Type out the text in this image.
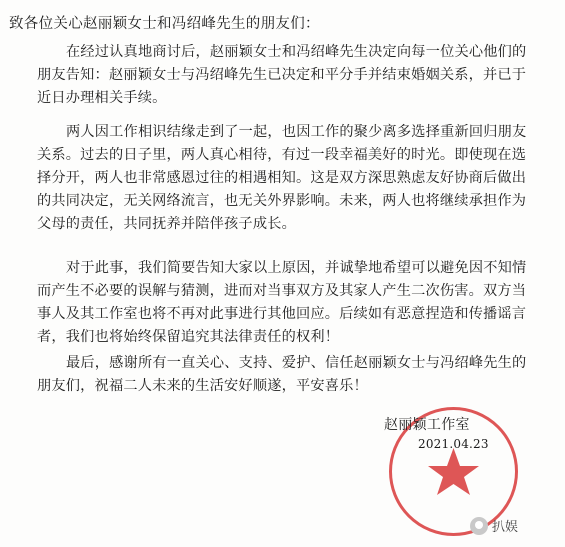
致各位关心赵丽颖女士和冯绍峰先生的朋友们：

在经过认真地商讨后，赵丽颖女士和冯绍峰先生决定向每一位关心他们的朋友告知：赵丽颖女士与冯绍峰先生已决定和平分手并结束婚姻关系，并已于近日办理相关手续。

两人因工作相识结缘走到了一起，也因工作的聚少离多选择重新回归朋友关系。过去的日子里，两人真心相待，有过一段幸福美好的时光。即使现在选择分开，两人也非常感恩过往的相遇相知。这是双方深思熟虑友好协商后做出的共同决定，无关网络流言，也无关外界影响。未来，两人也将继续承担作为父母的责任，共同抚养并陪伴孩子成长。

对于此事，我们简要告知大家以上原因，并诚挚地希望可以避免因不知情而产生不必要的误解与猜测，进而对当事双方及其家人产生二次伤害。双方当事人及其工作室也将不再对此事进行其他回应。后续如有恶意捏造和传播谣言者，我们也将始终保留追究其法律责任的权利！

最后，感谢所有一直关心、支持、爱护、信任赵丽颖女士与冯绍峰先生的朋友们，祝福二人未来的生活安好顺遂，平安喜乐！

赵丽颖工作室
2021.04.23
扒娱
